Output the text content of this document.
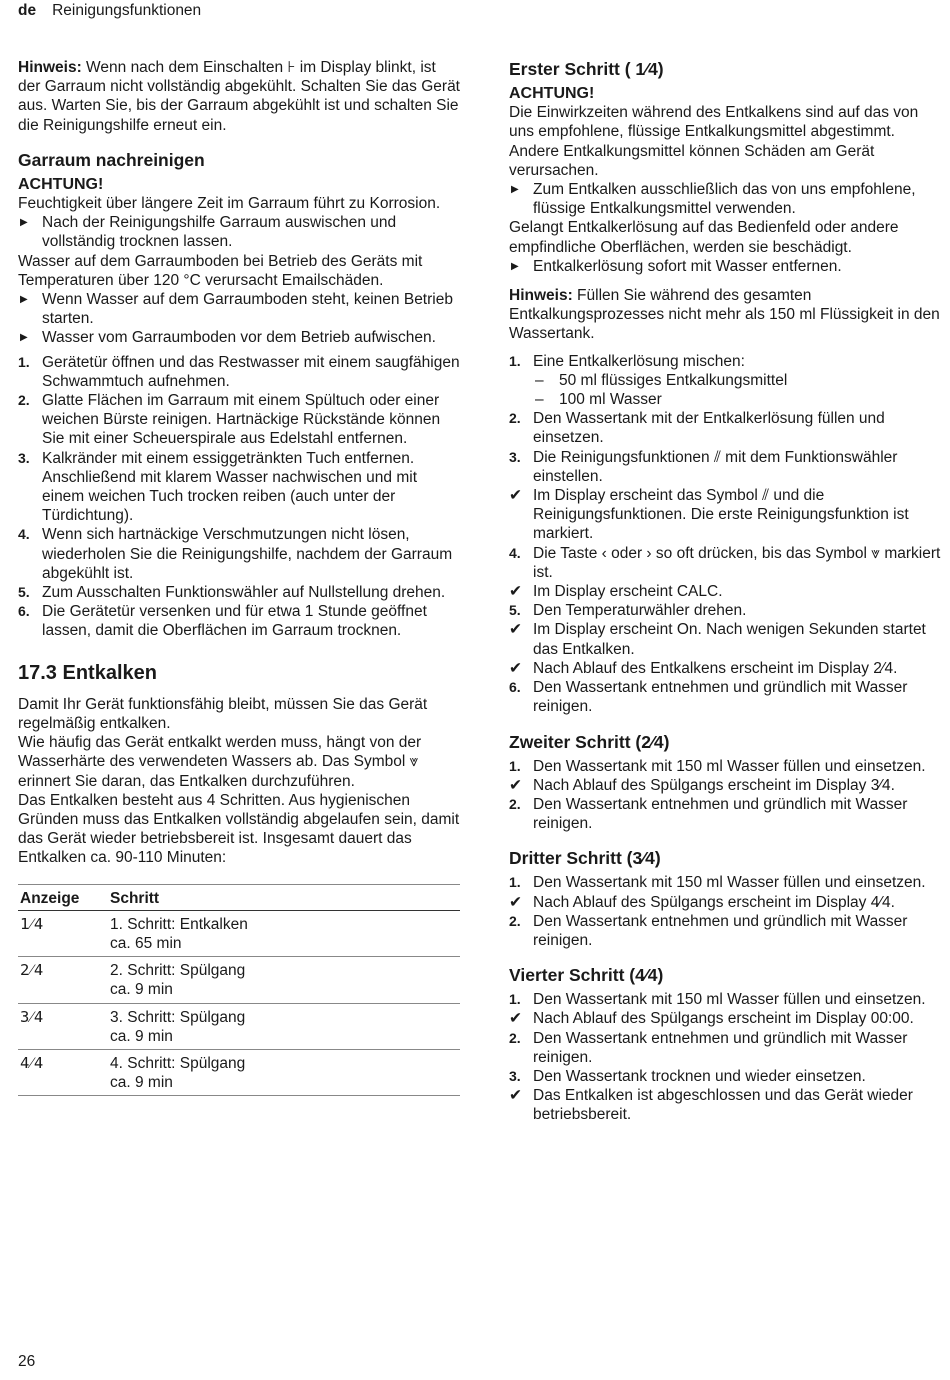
de Reinigungsfunktionen

Hinweis: Wenn nach dem Einschalten ⊦ im Display blinkt, ist der Garraum nicht vollständig abgekühlt. Schalten Sie das Gerät aus. Warten Sie, bis der Garraum abgekühlt ist und schalten Sie die Reinigungshilfe erneut ein.

Garraum nachreinigen

ACHTUNG!

Feuchtigkeit über längere Zeit im Garraum führt zu Korrosion.

▶ Nach der Reinigungshilfe Garraum auswischen und vollständig trocknen lassen.

Wasser auf dem Garraumboden bei Betrieb des Geräts mit Temperaturen über 120 °C verursacht Emailschäden.

▶ Wenn Wasser auf dem Garraumboden steht, keinen Betrieb starten.
▶ Wasser vom Garraumboden vor dem Betrieb aufwischen.
1. Gerätetür öffnen und das Restwasser mit einem saugfähigen Schwammtuch aufnehmen.
2. Glatte Flächen im Garraum mit einem Spültuch oder einer weichen Bürste reinigen. Hartnäckige Rückstände können Sie mit einer Scheuerspirale aus Edelstahl entfernen.
3. Kalkränder mit einem essiggetränkten Tuch entfernen. Anschließend mit klarem Wasser nachwischen und mit einem weichen Tuch trocken reiben (auch unter der Türdichtung).
4. Wenn sich hartnäckige Verschmutzungen nicht lösen, wiederholen Sie die Reinigungshilfe, nachdem der Garraum abgekühlt ist.
5. Zum Ausschalten Funktionswähler auf Nullstellung drehen.
6. Die Gerätetür versenken und für etwa 1 Stunde geöffnet lassen, damit die Oberflächen im Garraum trocknen.
17.3 Entkalken

Damit Ihr Gerät funktionsfähig bleibt, müssen Sie das Gerät regelmäßig entkalken.

Wie häufig das Gerät entkalkt werden muss, hängt von der Wasserhärte des verwendeten Wassers ab. Das Symbol ⩔ erinnert Sie daran, das Entkalken durchzuführen.

Das Entkalken besteht aus 4 Schritten. Aus hygienischen Gründen muss das Entkalken vollständig abgelaufen sein, damit das Gerät wieder betriebsbereit ist. Insgesamt dauert das Entkalken ca. 90-110 Minuten:

Anzeige	Schritt
1⁄4	1. Schritt: Entkalken
ca. 65 min

2⁄4	2. Schritt: Spülgang
ca. 9 min

3⁄4	3. Schritt: Spülgang
ca. 9 min

4⁄4	4. Schritt: Spülgang
ca. 9 min
Erster Schritt ( 1⁄4)

ACHTUNG!

Die Einwirkzeiten während des Entkalkens sind auf das von uns empfohlene, flüssige Entkalkungsmittel abgestimmt. Andere Entkalkungsmittel können Schäden am Gerät verursachen.

▶ Zum Entkalken ausschließlich das von uns empfohlene, flüssige Entkalkungsmittel verwenden.

Gelangt Entkalkerlösung auf das Bedienfeld oder andere empfindliche Oberflächen, werden sie beschädigt.

▶ Entkalkerlösung sofort mit Wasser entfernen.

Hinweis: Füllen Sie während des gesamten Entkalkungsprozesses nicht mehr als 150 ml Flüssigkeit in den Wassertank.

1. Eine Entkalkerlösung mischen:
– 50 ml flüssiges Entkalkungsmittel
– 100 ml Wasser
2. Den Wassertank mit der Entkalkerlösung füllen und einsetzen.
3. Die Reinigungsfunktionen ⫽ mit dem Funktionswähler einstellen.
✔ Im Display erscheint das Symbol ⫽ und die Reinigungsfunktionen. Die erste Reinigungsfunktion ist markiert.
4. Die Taste ‹ oder › so oft drücken, bis das Symbol ⩔ markiert ist.
✔ Im Display erscheint CALC.
5. Den Temperaturwähler drehen.
✔ Im Display erscheint On. Nach wenigen Sekunden startet das Entkalken.
✔ Nach Ablauf des Entkalkens erscheint im Display 2⁄4.
6. Den Wassertank entnehmen und gründlich mit Wasser reinigen.
Zweiter Schritt (2⁄4)
1. Den Wassertank mit 150 ml Wasser füllen und einsetzen.
✔ Nach Ablauf des Spülgangs erscheint im Display 3⁄4.
2. Den Wassertank entnehmen und gründlich mit Wasser reinigen.
Dritter Schritt (3⁄4)
1. Den Wassertank mit 150 ml Wasser füllen und einsetzen.
✔ Nach Ablauf des Spülgangs erscheint im Display 4⁄4.
2. Den Wassertank entnehmen und gründlich mit Wasser reinigen.
Vierter Schritt (4⁄4)
1. Den Wassertank mit 150 ml Wasser füllen und einsetzen.
✔ Nach Ablauf des Spülgangs erscheint im Display 00:00.
2. Den Wassertank entnehmen und gründlich mit Wasser reinigen.
3. Den Wassertank trocknen und wieder einsetzen.
✔ Das Entkalken ist abgeschlossen und das Gerät wieder betriebsbereit.
26
